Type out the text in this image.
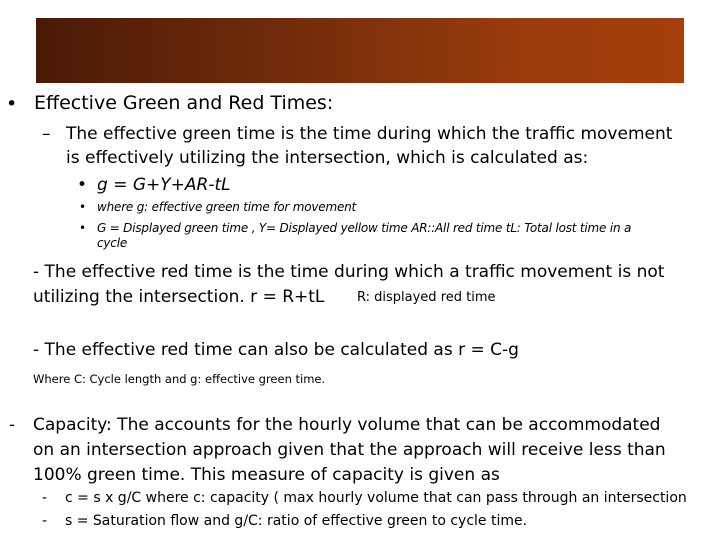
• Effective Green and Red Times:
– The effective green time is the time during which the traffic movement
is effectively utilizing the intersection, which is calculated as:
• g = G+Y+AR-tL
• where g: effective green time for movement
• G = Displayed green time , Y= Displayed yellow time AR::All red time tL: Total lost time in a
cycle
- The effective red time is the time during which a traffic movement is not
utilizing the intersection. r = R+tL	R: displayed red time
- The effective red time can also be calculated as r = C-g
Where C: Cycle length and g: effective green time.
- Capacity: The accounts for the hourly volume that can be accommodated
on an intersection approach given that the approach will receive less than
100% green time. This measure of capacity is given as
- c = s x g/C where c: capacity ( max hourly volume that can pass through an intersection
- s = Saturation flow and g/C: ratio of effective green to cycle time.
